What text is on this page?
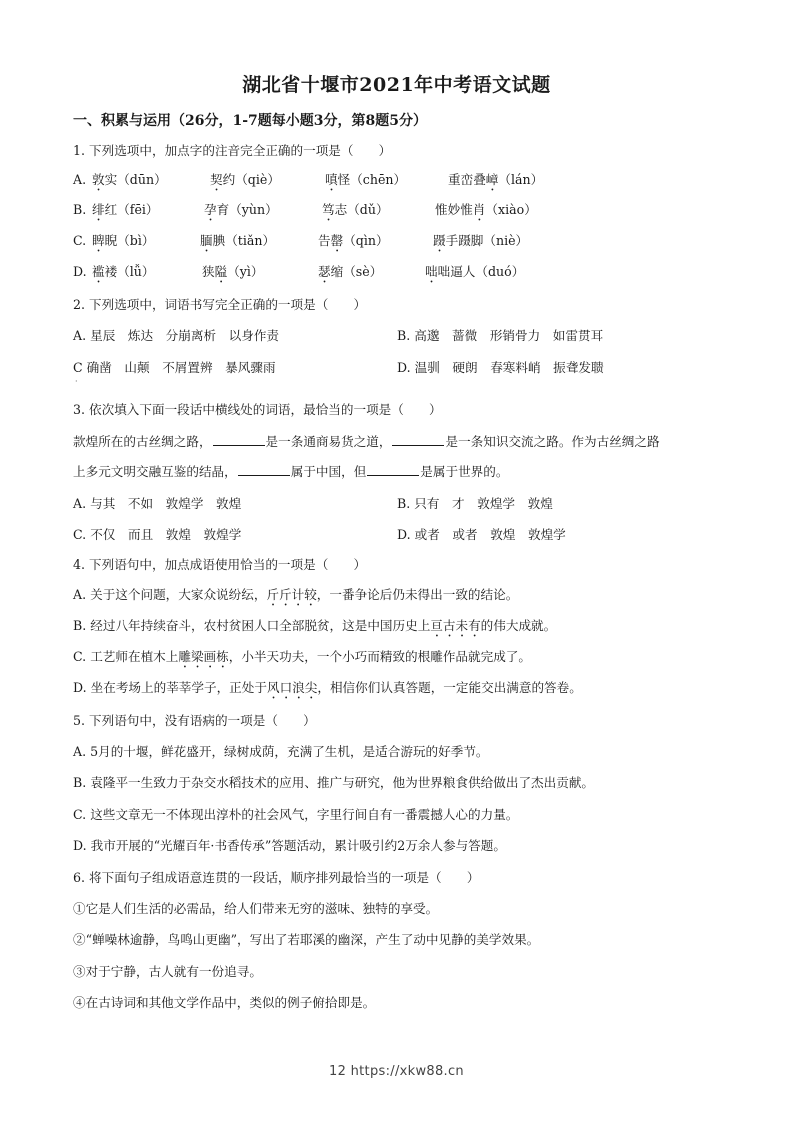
湖北省十堰市2021年中考语文试题
一、积累与运用（26分，1-7题每小题3分，第8题5分）
1. 下列选项中，加点字的注音完全正确的一项是（　　）
A. 敦实（dūn）	契约（qiè）	嗔怪（chēn）	重峦叠嶂（lán）
B. 绯红（fēi）	孕育（yùn）	笃志（dǔ）	惟妙惟肖（xiào）
C. 睥睨（bì）	腼腆（tiǎn）	告罄（qìn）	蹑手蹑脚（niè）
D. 褴褛（lǚ）	狭隘（yì）	瑟缩（sè）	咄咄逼人（duó）
2. 下列选项中，词语书写完全正确的一项是（　　）
A. 星辰　炼达　分崩离析　以身作责	B. 高邈　蔷微　形销骨力　如雷贯耳
C 确凿　山颠　不屑置辨　暴风骤雨	D. 温驯　硬朗　春寒料峭　振聋发聩
·
3. 依次填入下面一段话中横线处的词语，最恰当的一项是（　　）
款煌所在的古丝绸之路，	是一条通商易货之道，	是一条知识交流之路。作为古丝绸之路
上多元文明交融互鉴的结晶，	属于中国，但	是属于世界的。
A. 与其　不如　敦煌学　敦煌	B. 只有　才　敦煌学　敦煌
C. 不仅　而且　敦煌　敦煌学	D. 或者　或者　敦煌　敦煌学
4. 下列语句中，加点成语使用恰当的一项是（　　）
A. 关于这个问题，大家众说纷纭，斤斤计较，一番争论后仍未得出一致的结论。
B. 经过八年持续奋斗，农村贫困人口全部脱贫，这是中国历史上亘古未有的伟大成就。
C. 工艺师在植木上雕梁画栋，小半天功夫，一个小巧而精致的根雕作品就完成了。
D. 坐在考场上的莘莘学子，正处于风口浪尖，相信你们认真答题，一定能交出满意的答卷。
5. 下列语句中，没有语病的一项是（　　）
A. 5月的十堰，鲜花盛开，绿树成荫，充满了生机，是适合游玩的好季节。
B. 袁隆平一生致力于杂交水稻技术的应用、推广与研究，他为世界粮食供给做出了杰出贡献。
C. 这些文章无一不体现出淳朴的社会风气，字里行间自有一番震撼人心的力量。
D. 我市开展的“光耀百年·书香传承”答题活动，累计吸引约2万余人参与答题。
6. 将下面句子组成语意连贯的一段话，顺序排列最恰当的一项是（　　）
①它是人们生活的必需品，给人们带来无穷的滋味、独特的享受。
②“蝉噪林逾静，鸟鸣山更幽”，写出了若耶溪的幽深，产生了动中见静的美学效果。
③对于宁静，古人就有一份追寻。
④在古诗词和其他文学作品中，类似的例子俯拾即是。
12 https://xkw88.cn
